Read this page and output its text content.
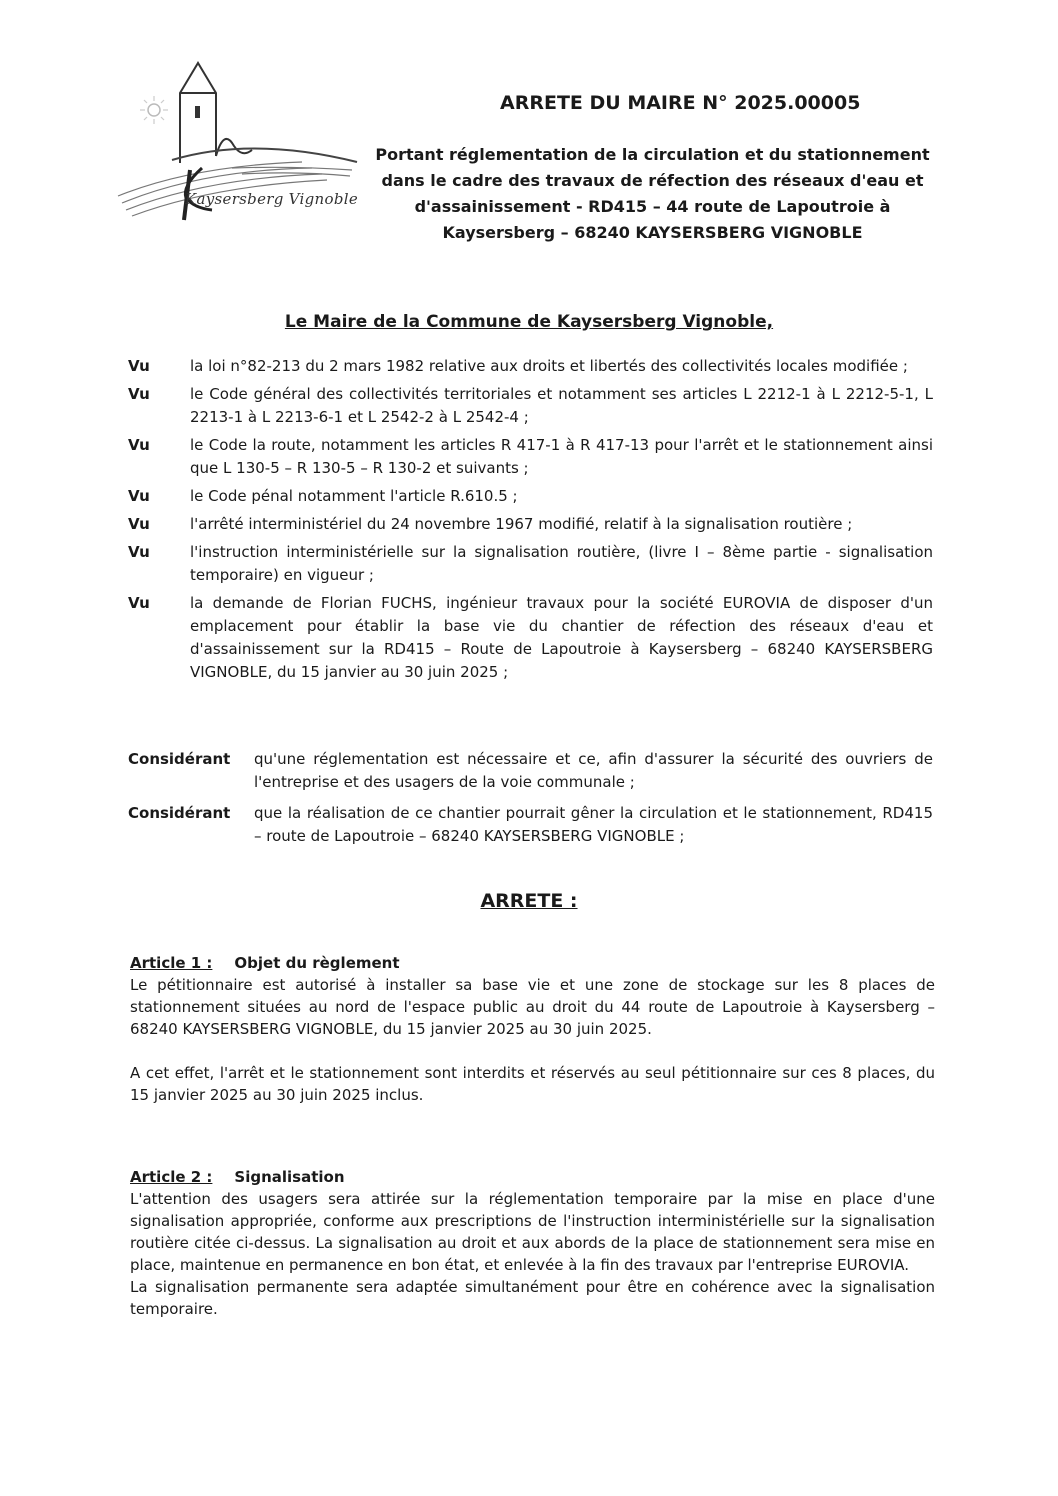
Kaysersberg Vignoble
ARRETE DU MAIRE N° 2025.00005

Portant réglementation de la circulation et du stationnement dans le cadre des travaux de réfection des réseaux d'eau et d'assainissement - RD415 – 44 route de Lapoutroie à Kaysersberg – 68240 KAYSERSBERG VIGNOBLE

Le Maire de la Commune de Kaysersberg Vignoble,
Vu	la loi n°82-213 du 2 mars 1982 relative aux droits et libertés des collectivités locales modifiée ;
Vu	le Code général des collectivités territoriales et notamment ses articles L 2212-1 à L 2212-5-1, L 2213-1 à L 2213-6-1 et L 2542-2 à L 2542-4 ;
Vu	le Code la route, notamment les articles R 417-1 à R 417-13 pour l'arrêt et le stationnement ainsi que L 130-5 – R 130-5 – R 130-2 et suivants ;
Vu	le Code pénal notamment l'article R.610.5 ;
Vu	l'arrêté interministériel du 24 novembre 1967 modifié, relatif à la signalisation routière ;
Vu	l'instruction interministérielle sur la signalisation routière, (livre I – 8ème partie - signalisation temporaire) en vigueur ;
Vu	la demande de Florian FUCHS, ingénieur travaux pour la société EUROVIA de disposer d'un emplacement pour établir la base vie du chantier de réfection des réseaux d'eau et d'assainissement sur la RD415 – Route de Lapoutroie à Kaysersberg – 68240 KAYSERSBERG VIGNOBLE, du 15 janvier au 30 juin 2025 ;
Considérant	qu'une réglementation est nécessaire et ce, afin d'assurer la sécurité des ouvriers de l'entreprise et des usagers de la voie communale ;
Considérant	que la réalisation de ce chantier pourrait gêner la circulation et le stationnement, RD415 – route de Lapoutroie – 68240 KAYSERSBERG VIGNOBLE ;
ARRETE :

Article 1 : Objet du règlement

Le pétitionnaire est autorisé à installer sa base vie et une zone de stockage sur les 8 places de stationnement situées au nord de l'espace public au droit du 44 route de Lapoutroie à Kaysersberg – 68240 KAYSERSBERG VIGNOBLE, du 15 janvier 2025 au 30 juin 2025.

A cet effet, l'arrêt et le stationnement sont interdits et réservés au seul pétitionnaire sur ces 8 places, du 15 janvier 2025 au 30 juin 2025 inclus.

Article 2 : Signalisation

L'attention des usagers sera attirée sur la réglementation temporaire par la mise en place d'une signalisation appropriée, conforme aux prescriptions de l'instruction interministérielle sur la signalisation routière citée ci-dessus. La signalisation au droit et aux abords de la place de stationnement sera mise en place, maintenue en permanence en bon état, et enlevée à la fin des travaux par l'entreprise EUROVIA.

La signalisation permanente sera adaptée simultanément pour être en cohérence avec la signalisation temporaire.
